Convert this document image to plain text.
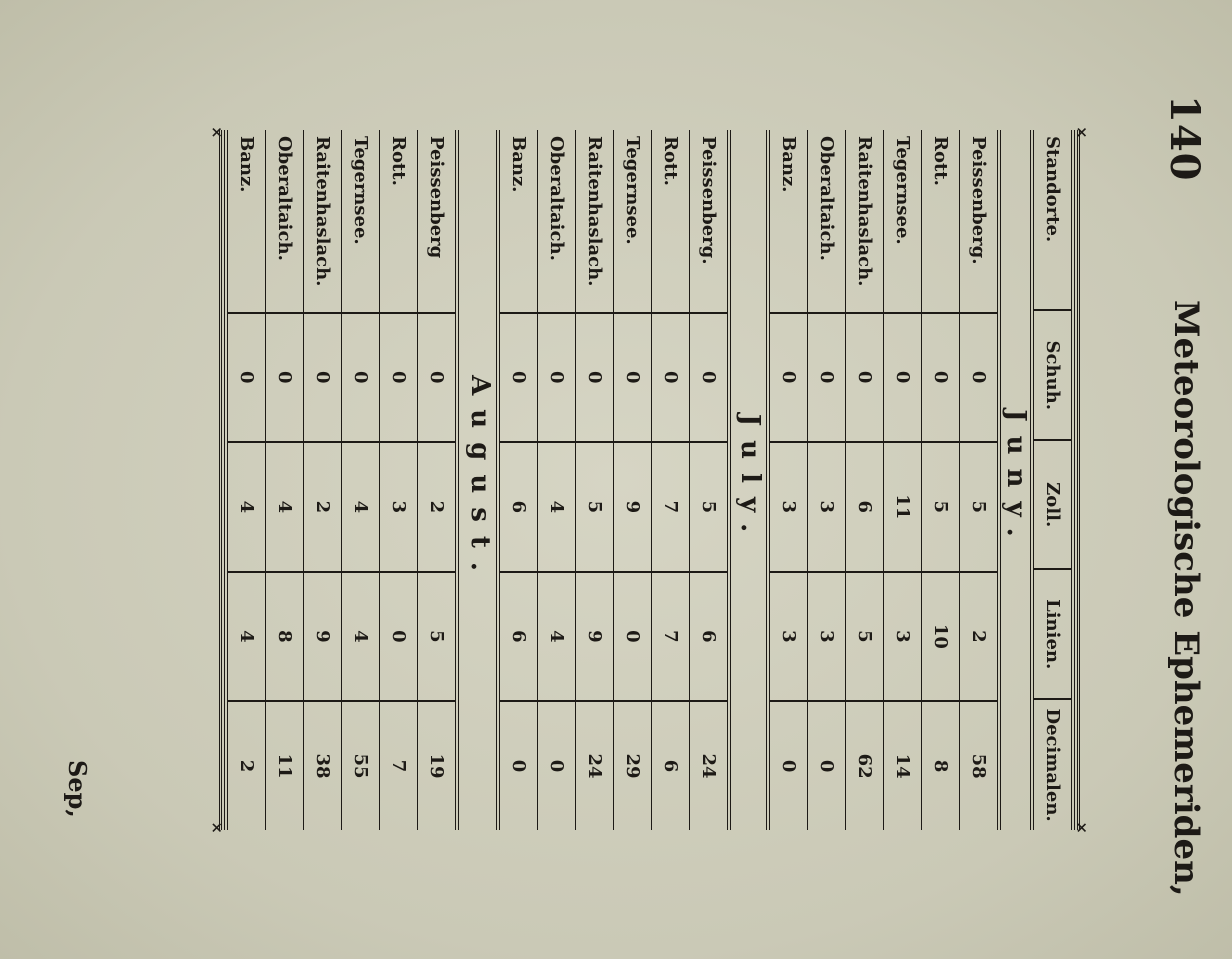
140
Meteorologische Ephemeriden,
×
×
×
×
Standorte.	Schuh.	Zoll.	Linien.	Decimalen.
Juny.
Peissenberg.	0	5	2	58
Rott.	0	5	10	8
Tegernsee.	0	11	3	14
Raitenhaslach.	0	6	5	62
Oberaltaich.	0	3	3	0
Banz.	0	3	3	0
July.
Peissenberg.	0	5	6	24
Rott.	0	7	7	6
Tegernsee.	0	9	0	29
Raitenhaslach.	0	5	9	24
Oberaltaich.	0	4	4	0
Banz.	0	6	6	0
August.
Peissenberg	0	2	5	19
Rott.	0	3	0	7
Tegernsee.	0	4	4	55
Raitenhaslach.	0	2	9	38
Oberaltaich.	0	4	8	11
Banz.	0	4	4	2
Sep,
